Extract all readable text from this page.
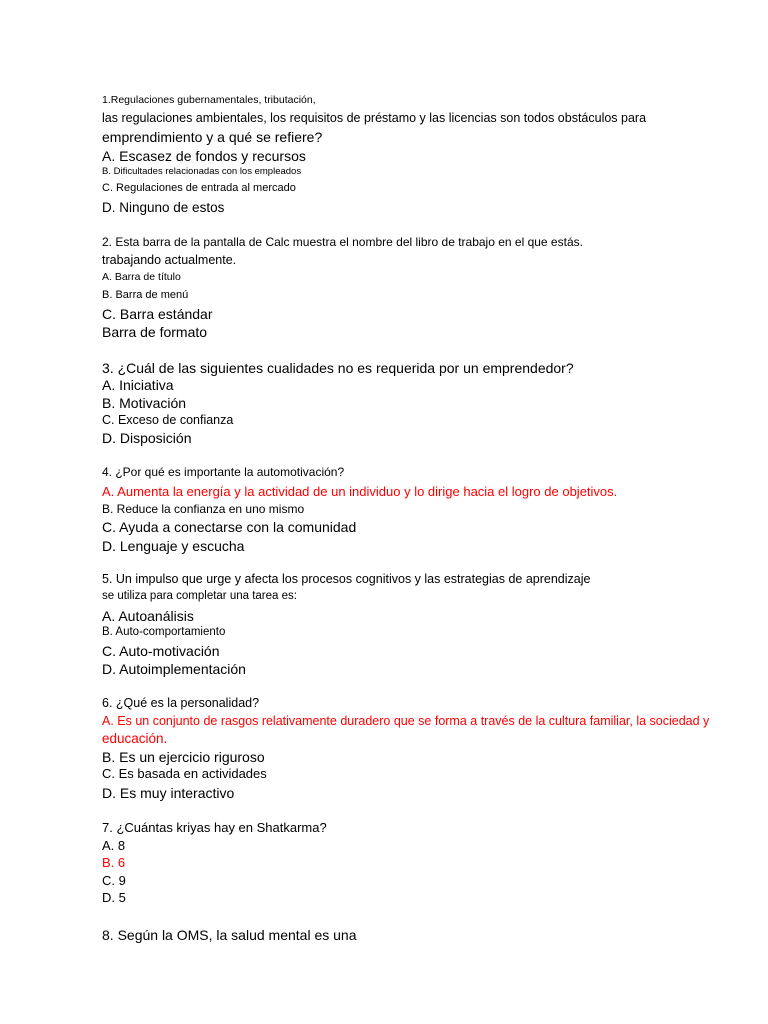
1.Regulaciones gubernamentales, tributación,
las regulaciones ambientales, los requisitos de préstamo y las licencias son todos obstáculos para
emprendimiento y a qué se refiere?
A. Escasez de fondos y recursos
B. Dificultades relacionadas con los empleados
C. Regulaciones de entrada al mercado
D. Ninguno de estos
2. Esta barra de la pantalla de Calc muestra el nombre del libro de trabajo en el que estás.
trabajando actualmente.
A. Barra de título
B. Barra de menú
C. Barra estándar
Barra de formato
3. ¿Cuál de las siguientes cualidades no es requerida por un emprendedor?
A. Iniciativa
B. Motivación
C. Exceso de confianza
D. Disposición
4. ¿Por qué es importante la automotivación?
A. Aumenta la energía y la actividad de un individuo y lo dirige hacia el logro de objetivos.
B. Reduce la confianza en uno mismo
C. Ayuda a conectarse con la comunidad
D. Lenguaje y escucha
5. Un impulso que urge y afecta los procesos cognitivos y las estrategias de aprendizaje
se utiliza para completar una tarea es:
A. Autoanálisis
B. Auto-comportamiento
C. Auto-motivación
D. Autoimplementación
6. ¿Qué es la personalidad?
A. Es un conjunto de rasgos relativamente duradero que se forma a través de la cultura familiar, la sociedad y
educación.
B. Es un ejercicio riguroso
C. Es basada en actividades
D. Es muy interactivo
7. ¿Cuántas kriyas hay en Shatkarma?
A. 8
B. 6
C. 9
D. 5
8. Según la OMS, la salud mental es una
